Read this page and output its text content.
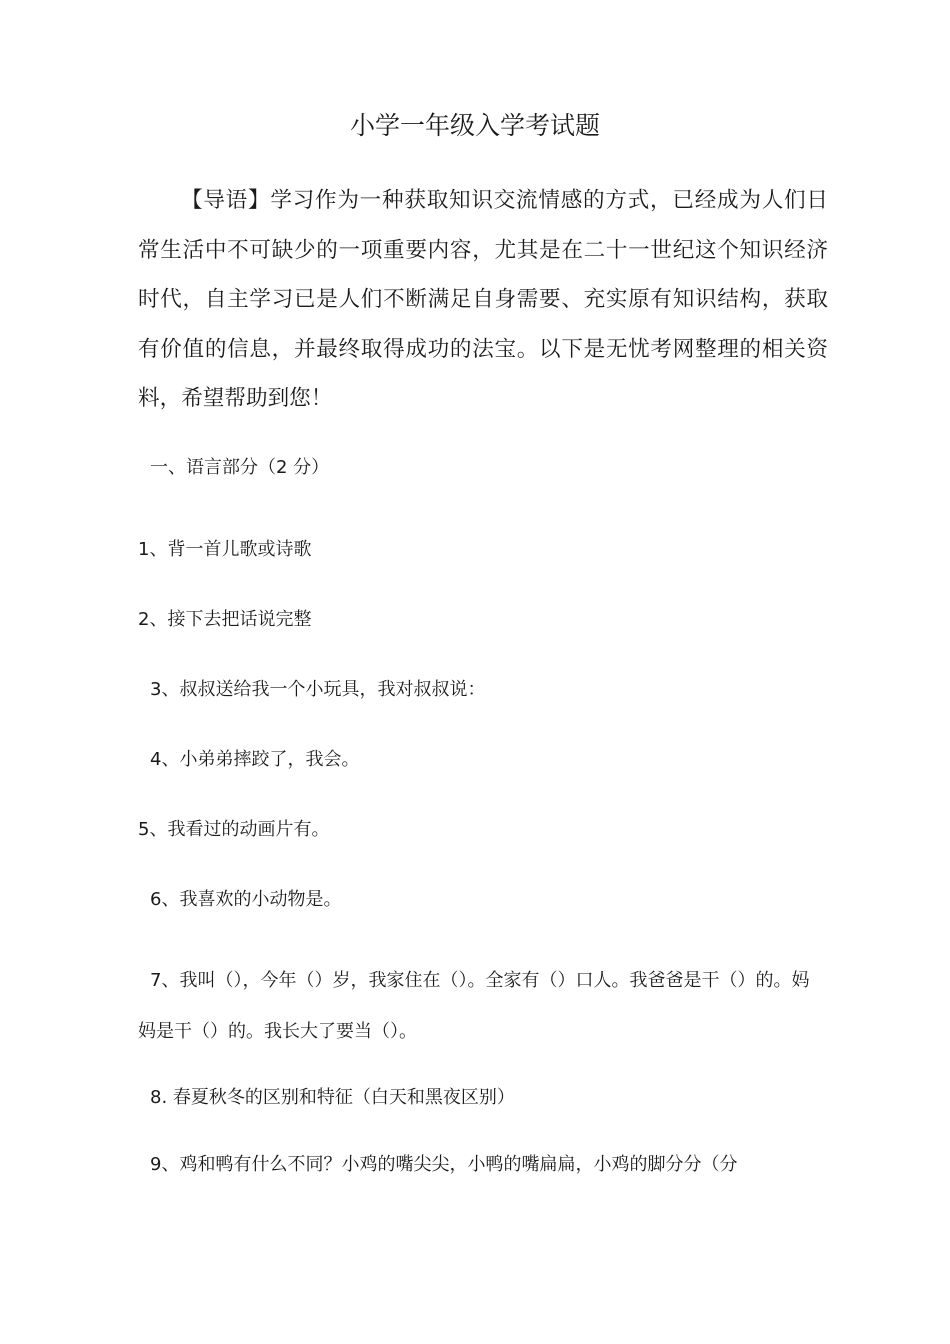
小学一年级入学考试题

【导语】学习作为一种获取知识交流情感的方式，已经成为人们日常生活中不可缺少的一项重要内容，尤其是在二十一世纪这个知识经济时代，自主学习已是人们不断满足自身需要、充实原有知识结构，获取有价值的信息，并最终取得成功的法宝。以下是无忧考网整理的相关资料，希望帮助到您！

一、语言部分（2 分）

1、背一首儿歌或诗歌

2、接下去把话说完整

3、叔叔送给我一个小玩具，我对叔叔说：

4、小弟弟摔跤了，我会。

5、我看过的动画片有。

6、我喜欢的小动物是。

7、我叫（），今年（）岁，我家住在（）。全家有（）口人。我爸爸是干（）的。妈妈是干（）的。我长大了要当（）。

8. 春夏秋冬的区别和特征（白天和黑夜区别）

9、鸡和鸭有什么不同？小鸡的嘴尖尖，小鸭的嘴扁扁，小鸡的脚分分（分
